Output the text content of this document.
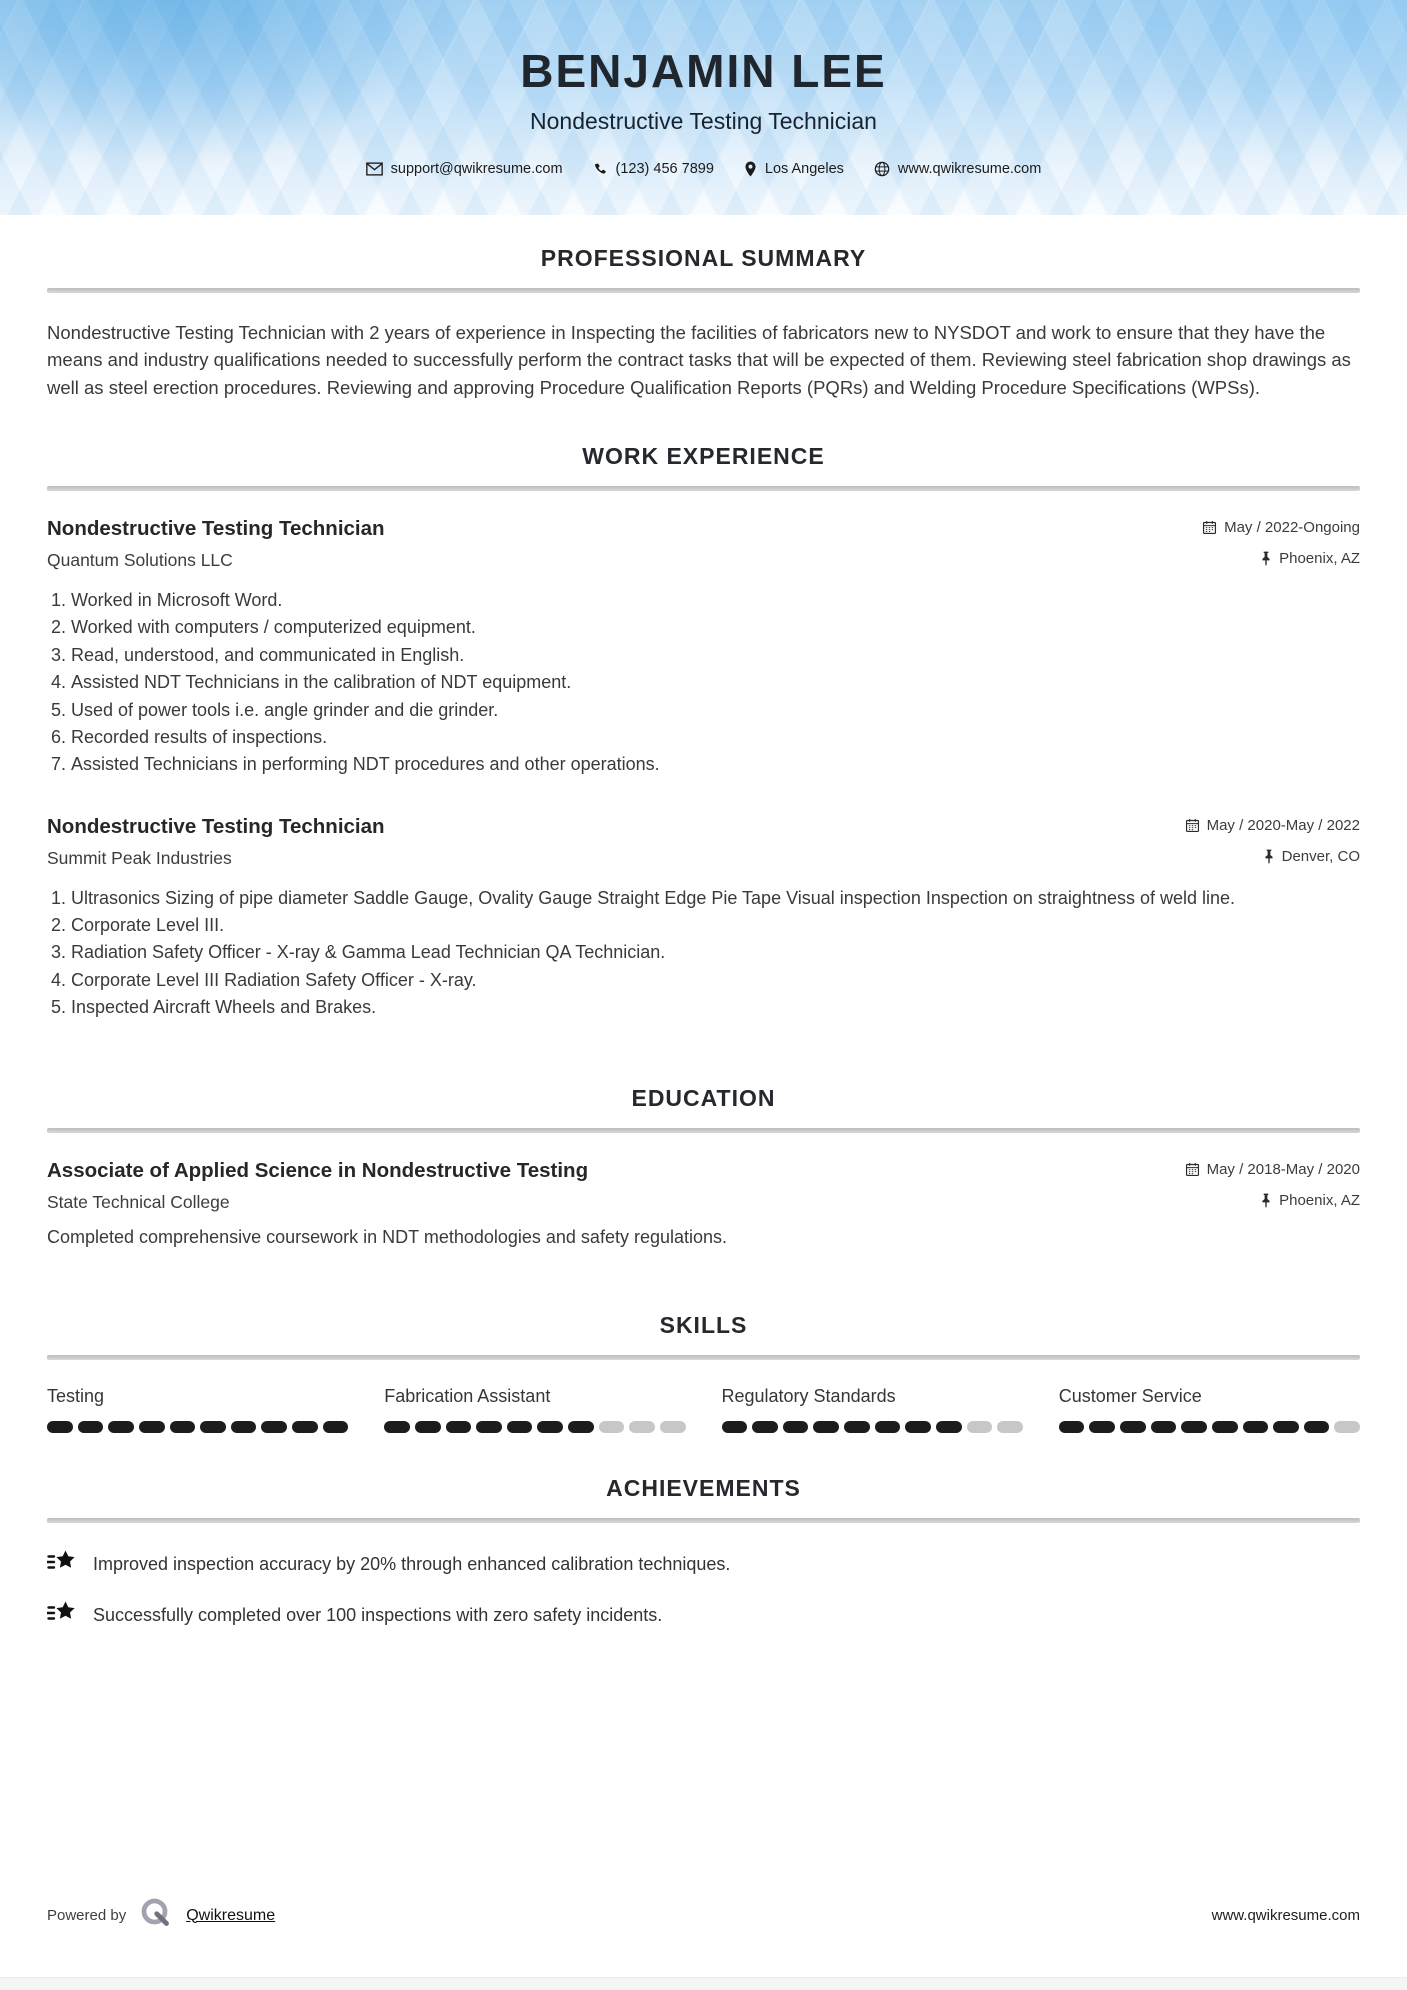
BENJAMIN LEE
Nondestructive Testing Technician
support@qwikresume.com	(123) 456 7899	Los Angeles	www.qwikresume.com
PROFESSIONAL SUMMARY

Nondestructive Testing Technician with 2 years of experience in Inspecting the facilities of fabricators new to NYSDOT and work to ensure that they have the means and industry qualifications needed to successfully perform the contract tasks that will be expected of them. Reviewing steel fabrication shop drawings as well as steel erection procedures. Reviewing and approving Procedure Qualification Reports (PQRs) and Welding Procedure Specifications (WPSs).

WORK EXPERIENCE
Nondestructive Testing Technician	May / 2022-Ongoing
Quantum Solutions LLC	Phoenix, AZ
1. Worked in Microsoft Word.
2. Worked with computers / computerized equipment.
3. Read, understood, and communicated in English.
4. Assisted NDT Technicians in the calibration of NDT equipment.
5. Used of power tools i.e. angle grinder and die grinder.
6. Recorded results of inspections.
7. Assisted Technicians in performing NDT procedures and other operations.
Nondestructive Testing Technician	May / 2020-May / 2022
Summit Peak Industries	Denver, CO
1. Ultrasonics Sizing of pipe diameter Saddle Gauge, Ovality Gauge Straight Edge Pie Tape Visual inspection Inspection on straightness of weld line.
2. Corporate Level III.
3. Radiation Safety Officer - X-ray & Gamma Lead Technician QA Technician.
4. Corporate Level III Radiation Safety Officer - X-ray.
5. Inspected Aircraft Wheels and Brakes.
EDUCATION
Associate of Applied Science in Nondestructive Testing	May / 2018-May / 2020
State Technical College	Phoenix, AZ
Completed comprehensive coursework in NDT methodologies and safety regulations.
SKILLS
Testing	Fabrication Assistant	Regulatory Standards	Customer Service
ACHIEVEMENTS
Improved inspection accuracy by 20% through enhanced calibration techniques.
Successfully completed over 100 inspections with zero safety incidents.
Powered by	Qwikresume	www.qwikresume.com
